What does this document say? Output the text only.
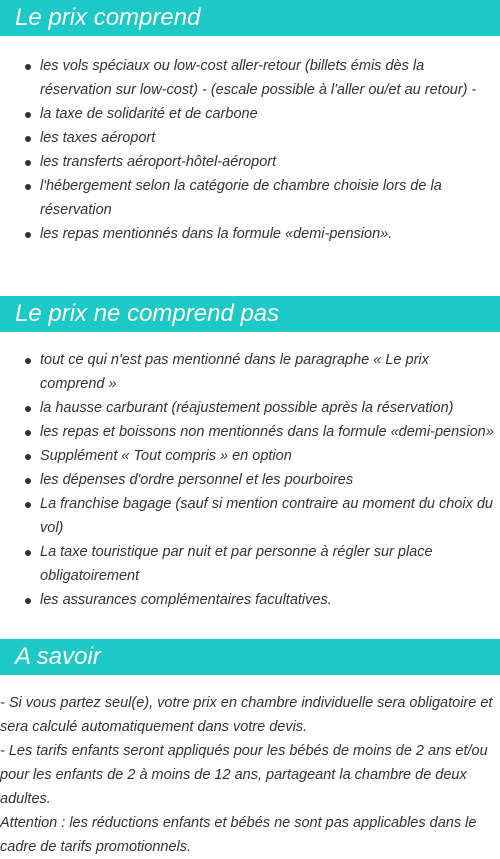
Le prix comprend
les vols spéciaux ou low-cost aller-retour (billets émis dès la réservation sur low-cost) - (escale possible à l'aller ou/et au retour) -
la taxe de solidarité et de carbone
les taxes aéroport
les transferts aéroport-hôtel-aéroport
l'hébergement selon la catégorie de chambre choisie lors de la réservation
les repas mentionnés dans la formule «demi-pension».
Le prix ne comprend pas
tout ce qui n'est pas mentionné dans le paragraphe « Le prix comprend »
la hausse carburant (réajustement possible après la réservation)
les repas et boissons non mentionnés dans la formule «demi-pension»
Supplément « Tout compris » en option
les dépenses d'ordre personnel et les pourboires
La franchise bagage (sauf si mention contraire au moment du choix du vol)
La taxe touristique par nuit et par personne à régler sur place obligatoirement
les assurances complémentaires facultatives.
A savoir

- Si vous partez seul(e), votre prix en chambre individuelle sera obligatoire et sera calculé automatiquement dans votre devis.

- Les tarifs enfants seront appliqués pour les bébés de moins de 2 ans et/ou pour les enfants de 2 à moins de 12 ans, partageant la chambre de deux adultes.

Attention : les réductions enfants et bébés ne sont pas applicables dans le cadre de tarifs promotionnels.
